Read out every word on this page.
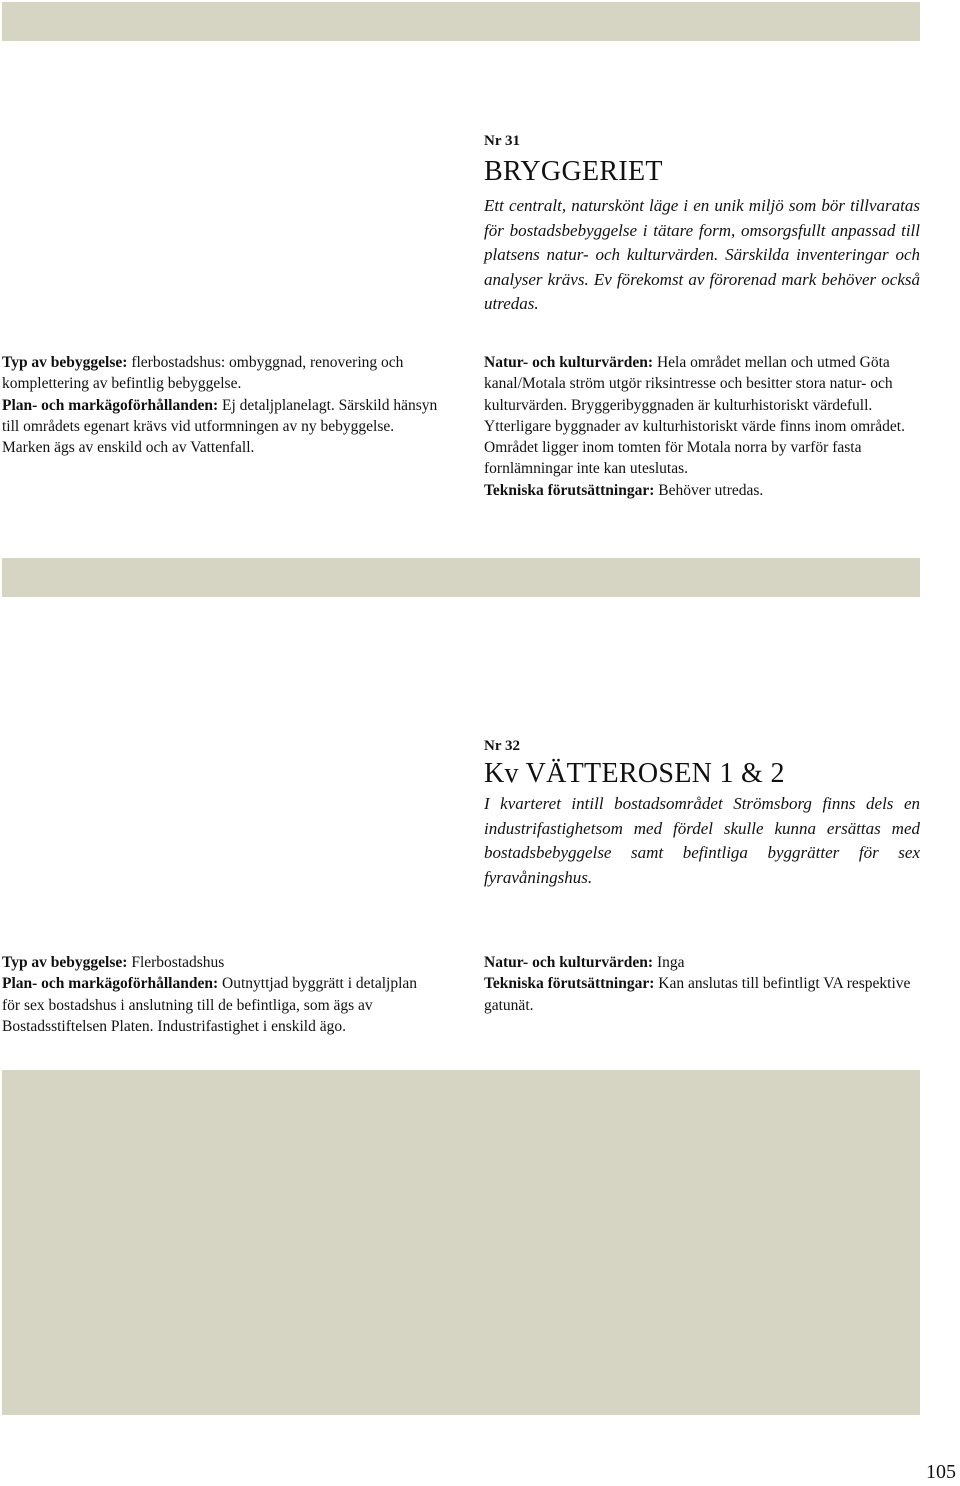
Nr 31
BRYGGERIET

Ett centralt, naturskönt läge i en unik miljö som bör tillvaratas för bostadsbebyggelse i tätare form, omsorgsfullt anpassad till platsens natur- och kulturvärden. Särskilda inventeringar och analyser krävs. Ev förekomst av förorenad mark behöver också utredas.

Typ av bebyggelse: flerbostadshus: ombyggnad, renovering och komplettering av befintlig bebyggelse.

Plan- och markägoförhållanden: Ej detaljplanelagt. Särskild hänsyn till områdets egenart krävs vid utformningen av ny bebyggelse. Marken ägs av enskild och av Vattenfall.

Natur- och kulturvärden: Hela området mellan och utmed Göta kanal/Motala ström utgör riksintresse och besitter stora natur- och kulturvärden. Bryggeribyggnaden är kulturhistoriskt värdefull. Ytterligare byggnader av kulturhistoriskt värde finns inom området. Området ligger inom tomten för Motala norra by varför fasta fornlämningar inte kan uteslutas.

Tekniska förutsättningar: Behöver utredas.

Nr 32
Kv VÄTTEROSEN 1 & 2

I kvarteret intill bostadsområdet Strömsborg finns dels en industrifastighetsom med fördel skulle kunna ersättas med bostadsbebyggelse samt befintliga byggrätter för sex fyravåningshus.

Typ av bebyggelse: Flerbostadshus

Plan- och markägoförhållanden: Outnyttjad byggrätt i detaljplan för sex bostadshus i anslutning till de befintliga, som ägs av Bostadsstiftelsen Platen. Industrifastighet i enskild ägo.

Natur- och kulturvärden: Inga

Tekniska förutsättningar: Kan anslutas till befintligt VA respektive gatunät.

105
